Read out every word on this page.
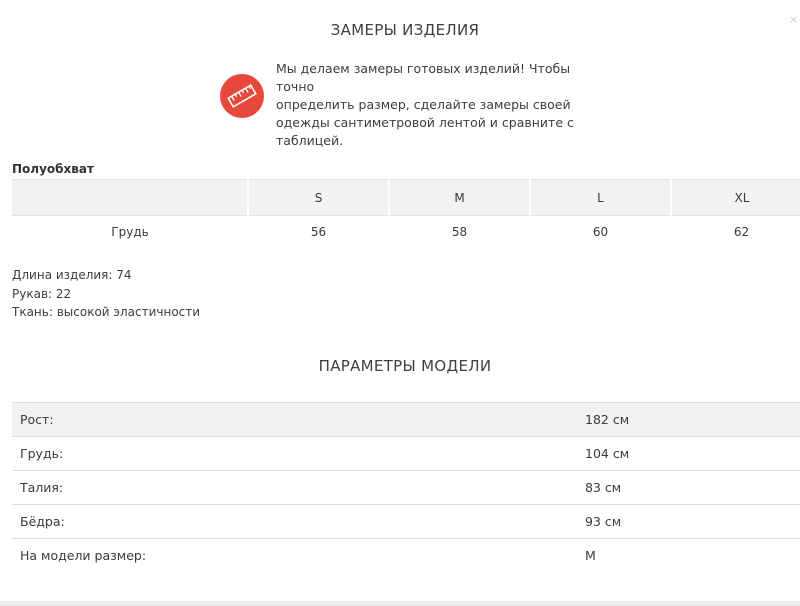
×
ЗАМЕРЫ ИЗДЕЛИЯ
Мы делаем замеры готовых изделий! Чтобы точно
определить размер, сделайте замеры своей
одежды сантиметровой лентой и сравните с
таблицей.
Полуобхват
	S	M	L	XL
Грудь	56	58	60	62
Длина изделия: 74
Рукав: 22
Ткань: высокой эластичности
ПАРАМЕТРЫ МОДЕЛИ
Рост:	182 см
Грудь:	104 см
Талия:	83 см
Бёдра:	93 см
На модели размер:	M
